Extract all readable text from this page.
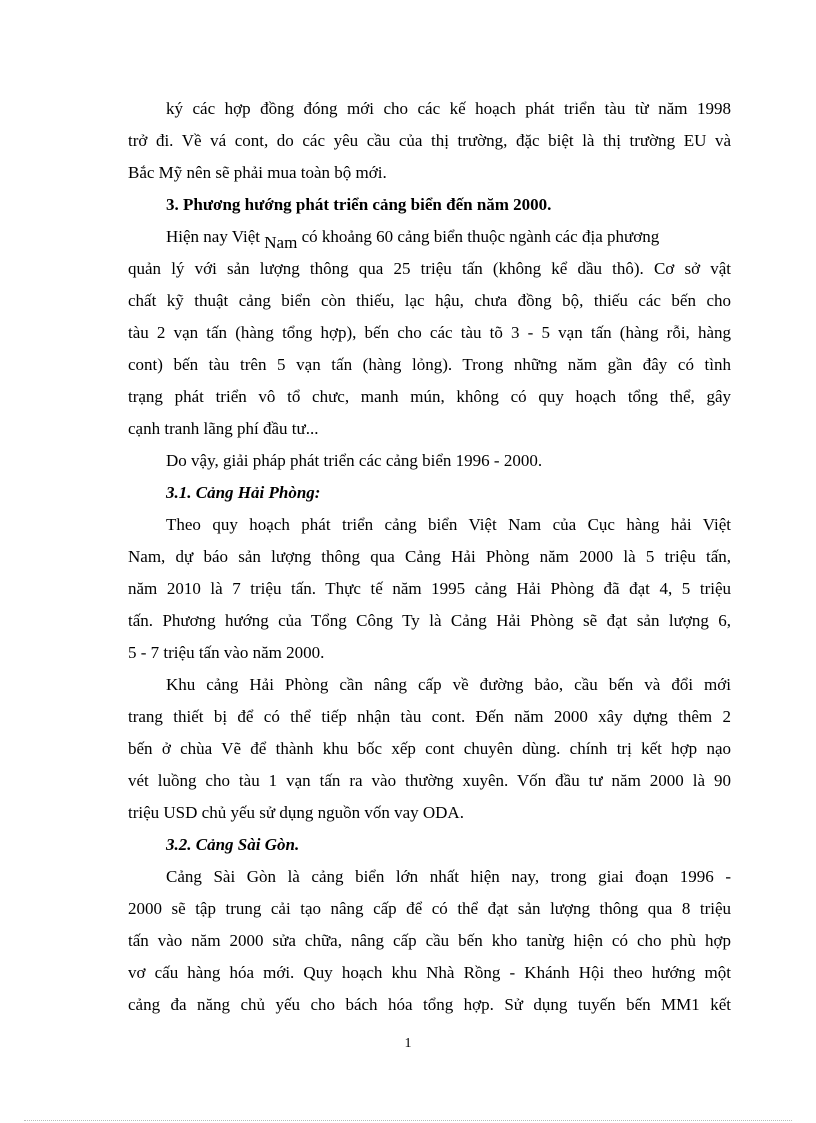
ký các hợp đồng đóng mới cho các kế hoạch phát triển tàu từ năm 1998
trở đi. Về vá cont, do các yêu cầu của thị trường, đặc biệt là thị trường EU và
Bắc Mỹ nên sẽ phải mua toàn bộ mới.
3. Phương hướng phát triển cảng biển đến năm 2000.
Hiện nay Việt Nam có khoảng 60 cảng biển thuộc ngành các địa phương
quản lý với sản lượng thông qua 25 triệu tấn (không kể dầu thô). Cơ sở vật
chất kỹ thuật cảng biển còn thiếu, lạc hậu, chưa đồng bộ, thiếu các bến cho
tàu 2 vạn tấn (hàng tổng hợp), bến cho các tàu tõ 3 - 5 vạn tấn (hàng rỗi, hàng
cont) bến tàu trên 5 vạn tấn (hàng lỏng). Trong những năm gần đây có tình
trạng phát triển vô tổ chưc, manh mún, không có quy hoạch tổng thể, gây
cạnh tranh lãng phí đầu tư...
Do vậy, giải pháp phát triển các cảng biển 1996 - 2000.
3.1. Cảng Hải Phòng:
Theo quy hoạch phát triển cảng biển Việt Nam của Cục hàng hải Việt
Nam, dự báo sản lượng thông qua Cảng Hải Phòng năm 2000 là 5 triệu tấn,
năm 2010 là 7 triệu tấn. Thực tế năm 1995 cảng Hải Phòng đã đạt 4, 5 triệu
tấn. Phương hướng của Tổng Công Ty là Cảng Hải Phòng sẽ đạt sản lượng 6,
5 - 7 triệu tấn vào năm 2000.
Khu cảng Hải Phòng cần nâng cấp về đường bảo, cầu bến và đổi mới
trang thiết bị để có thể tiếp nhận tàu cont. Đến năm 2000 xây dựng thêm 2
bến ở chùa Vẽ để thành khu bốc xếp cont chuyên dùng. chính trị kết hợp nạo
vét luồng cho tàu 1 vạn tấn ra vào thường xuyên. Vốn đầu tư năm 2000 là 90
triệu USD chủ yếu sử dụng nguồn vốn vay ODA.
3.2. Cảng Sài Gòn.
Cảng Sài Gòn là cảng biển lớn nhất hiện nay, trong giai đoạn 1996 -
2000 sẽ tập trung cải tạo nâng cấp để có thể đạt sản lượng thông qua 8 triệu
tấn vào năm 2000 sửa chữa, nâng cấp cầu bến kho tanừg hiện có cho phù hợp
vơ cấu hàng hóa mới. Quy hoạch khu Nhà Rồng - Khánh Hội theo hướng một
cảng đa năng chủ yếu cho bách hóa tổng hợp. Sử dụng tuyến bến MM1 kết
1
